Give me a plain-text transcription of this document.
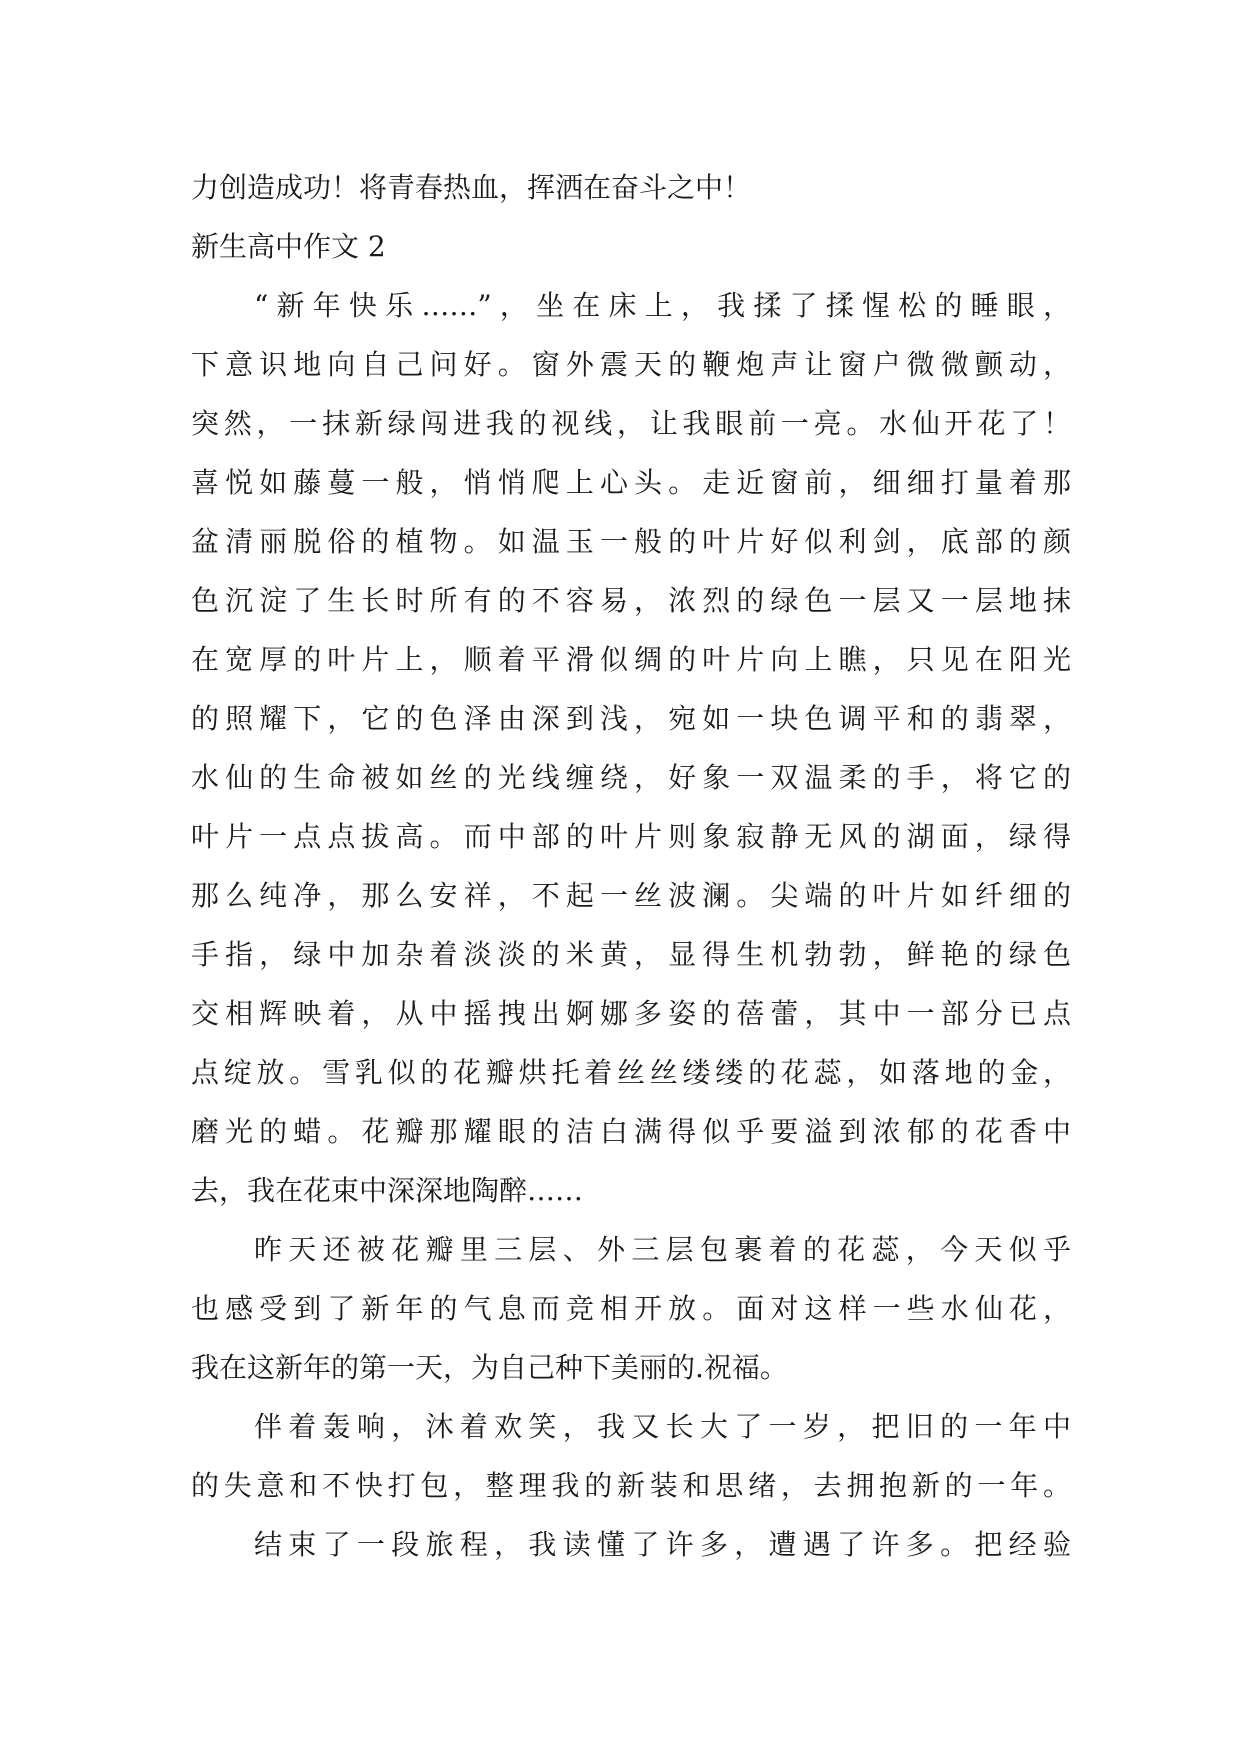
力创造成功！将青春热血，挥洒在奋斗之中！
新生高中作文 2
“新年快乐……”，坐在床上，我揉了揉惺松的睡眼，
下意识地向自己问好。窗外震天的鞭炮声让窗户微微颤动，
突然，一抹新绿闯进我的视线，让我眼前一亮。水仙开花了！
喜悦如藤蔓一般，悄悄爬上心头。走近窗前，细细打量着那
盆清丽脱俗的植物。如温玉一般的叶片好似利剑，底部的颜
色沉淀了生长时所有的不容易，浓烈的绿色一层又一层地抹
在宽厚的叶片上，顺着平滑似绸的叶片向上瞧，只见在阳光
的照耀下，它的色泽由深到浅，宛如一块色调平和的翡翠，
水仙的生命被如丝的光线缠绕，好象一双温柔的手，将它的
叶片一点点拔高。而中部的叶片则象寂静无风的湖面，绿得
那么纯净，那么安祥，不起一丝波澜。尖端的叶片如纤细的
手指，绿中加杂着淡淡的米黄，显得生机勃勃，鲜艳的绿色
交相辉映着，从中摇拽出婀娜多姿的蓓蕾，其中一部分已点
点绽放。雪乳似的花瓣烘托着丝丝缕缕的花蕊，如落地的金，
磨光的蜡。花瓣那耀眼的洁白满得似乎要溢到浓郁的花香中
去，我在花束中深深地陶醉……
昨天还被花瓣里三层、外三层包裹着的花蕊，今天似乎
也感受到了新年的气息而竞相开放。面对这样一些水仙花，
我在这新年的第一天，为自己种下美丽的.祝福。
伴着轰响，沐着欢笑，我又长大了一岁，把旧的一年中
的失意和不快打包，整理我的新装和思绪，去拥抱新的一年。
结束了一段旅程，我读懂了许多，遭遇了许多。把经验
